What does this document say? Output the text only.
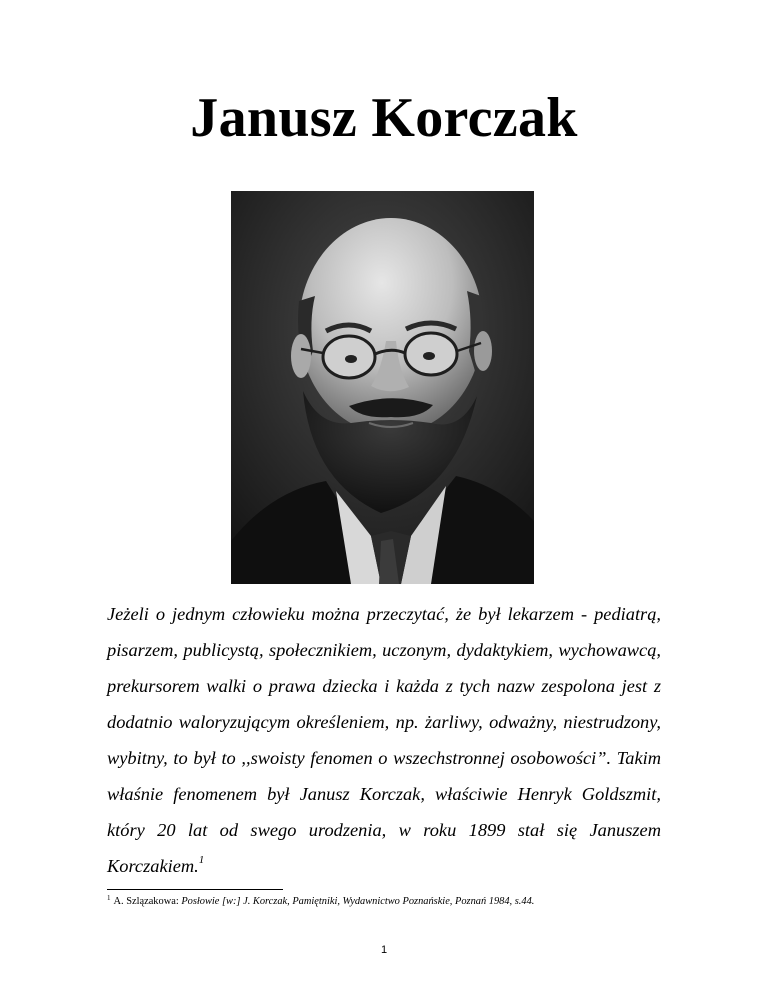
Janusz Korczak

Jeżeli o jednym człowieku można przeczytać, że był lekarzem - pediatrą, pisarzem, publicystą, społecznikiem, uczonym, dydaktykiem, wychowawcą, prekursorem walki o prawa dziecka i każda z tych nazw zespolona jest z dodatnio waloryzującym określeniem, np. żarliwy, odważny, niestrudzony, wybitny, to był to ,,swoisty fenomen o wszechstronnej osobowości”. Takim właśnie fenomenem był Janusz Korczak, właściwie Henryk Goldszmit, który 20 lat od swego urodzenia, w roku 1899 stał się Januszem Korczakiem.$^1$

$^1$ A. Szlązakowa: Posłowie [w:] J. Korczak, Pamiętniki, Wydawnictwo Poznańskie, Poznań 1984, s.44.

1
